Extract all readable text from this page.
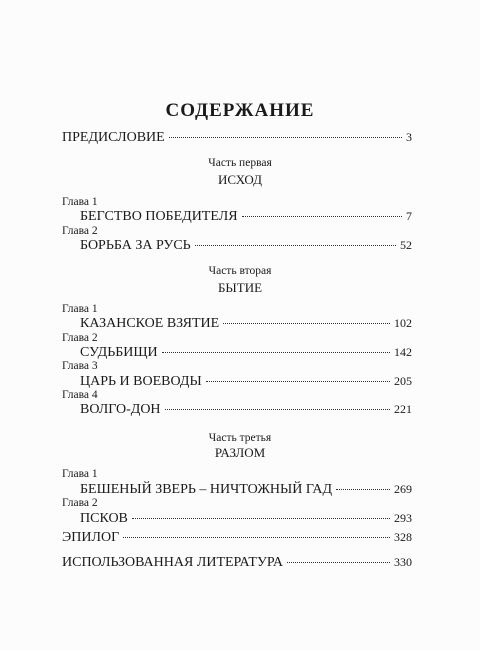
СОДЕРЖАНИЕ
ПРЕДИСЛОВИЕ	3
Часть первая
ИСХОД
Глава 1
БЕГСТВО ПОБЕДИТЕЛЯ	7
Глава 2
БОРЬБА ЗА РУСЬ	52
Часть вторая
БЫТИЕ
Глава 1
КАЗАНСКОЕ ВЗЯТИЕ	102
Глава 2
СУДЬБИЩИ	142
Глава 3
ЦАРЬ И ВОЕВОДЫ	205
Глава 4
ВОЛГО-ДОН	221
Часть третья
РАЗЛОМ
Глава 1
БЕШЕНЫЙ ЗВЕРЬ – НИЧТОЖНЫЙ ГАД	269
Глава 2
ПСКОВ	293
ЭПИЛОГ	328
ИСПОЛЬЗОВАННАЯ ЛИТЕРАТУРА	330
